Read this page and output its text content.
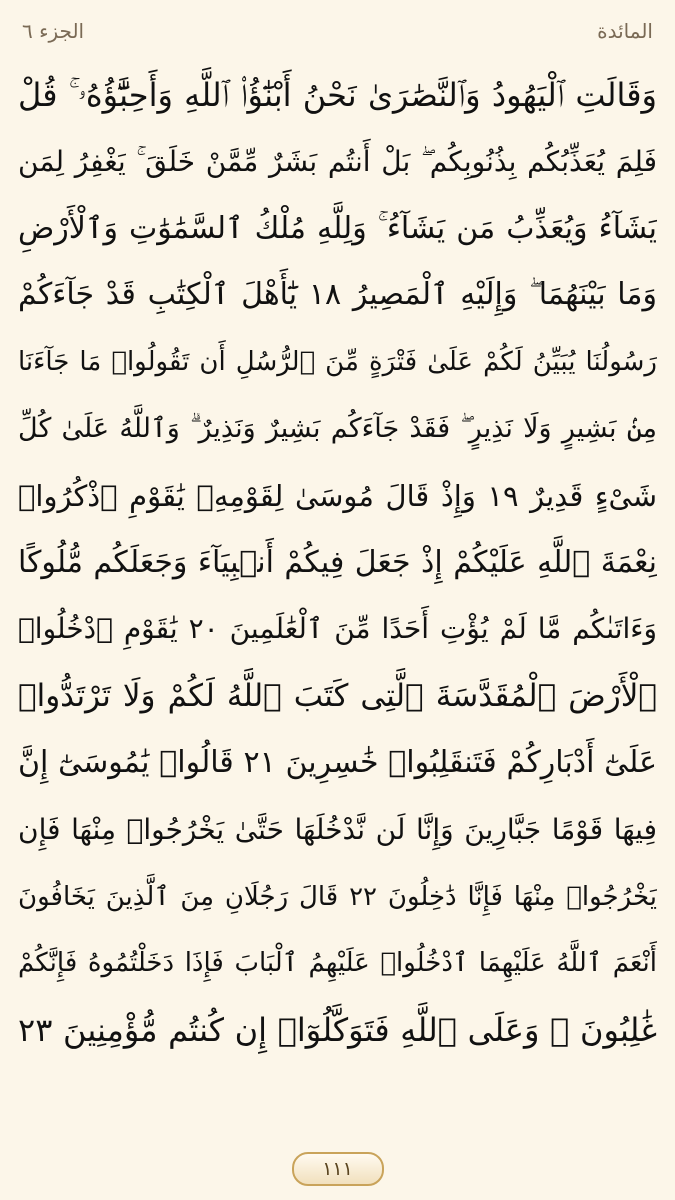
الجزء ٦	المائدة
وَقَالَتِ ٱلْيَهُودُ وَٱلنَّصَٰرَىٰ نَحْنُ أَبْنَٰٓؤُا۟ ٱللَّهِ وَأَحِبَّٰٓؤُهُۥ ۚ قُلْ
فَلِمَ يُعَذِّبُكُم بِذُنُوبِكُم ۖ بَلْ أَنتُم بَشَرٌ مِّمَّنْ خَلَقَ ۚ يَغْفِرُ لِمَن
يَشَآءُ وَيُعَذِّبُ مَن يَشَآءُ ۚ وَلِلَّهِ مُلْكُ ٱلسَّمَٰوَٰتِ وَٱلْأَرْضِ
وَمَا بَيْنَهُمَا ۖ وَإِلَيْهِ ٱلْمَصِيرُ ١٨ يَٰٓأَهْلَ ٱلْكِتَٰبِ قَدْ جَآءَكُمْ
رَسُولُنَا يُبَيِّنُ لَكُمْ عَلَىٰ فَتْرَةٍ مِّنَ ٱلرُّسُلِ أَن تَقُولُوا۟ مَا جَآءَنَا
مِنۢ بَشِيرٍ وَلَا نَذِيرٍ ۖ فَقَدْ جَآءَكُم بَشِيرٌ وَنَذِيرٌ ۗ وَٱللَّهُ عَلَىٰ كُلِّ
شَىْءٍ قَدِيرٌ ١٩ وَإِذْ قَالَ مُوسَىٰ لِقَوْمِهِۦ يَٰقَوْمِ ٱذْكُرُوا۟
نِعْمَةَ ٱللَّهِ عَلَيْكُمْ إِذْ جَعَلَ فِيكُمْ أَنۢبِيَآءَ وَجَعَلَكُم مُّلُوكًا
وَءَاتَىٰكُم مَّا لَمْ يُؤْتِ أَحَدًا مِّنَ ٱلْعَٰلَمِينَ ٢٠ يَٰقَوْمِ ٱدْخُلُوا۟
ٱلْأَرْضَ ٱلْمُقَدَّسَةَ ٱلَّتِى كَتَبَ ٱللَّهُ لَكُمْ وَلَا تَرْتَدُّوا۟
عَلَىٰٓ أَدْبَارِكُمْ فَتَنقَلِبُوا۟ خَٰسِرِينَ ٢١ قَالُوا۟ يَٰمُوسَىٰٓ إِنَّ
فِيهَا قَوْمًا جَبَّارِينَ وَإِنَّا لَن نَّدْخُلَهَا حَتَّىٰ يَخْرُجُوا۟ مِنْهَا فَإِن
يَخْرُجُوا۟ مِنْهَا فَإِنَّا دَٰخِلُونَ ٢٢ قَالَ رَجُلَانِ مِنَ ٱلَّذِينَ يَخَافُونَ
أَنْعَمَ ٱللَّهُ عَلَيْهِمَا ٱدْخُلُوا۟ عَلَيْهِمُ ٱلْبَابَ فَإِذَا دَخَلْتُمُوهُ فَإِنَّكُمْ
غَٰلِبُونَ ۚ وَعَلَى ٱللَّهِ فَتَوَكَّلُوٓا۟ إِن كُنتُم مُّؤْمِنِينَ ٢٣
١١١
